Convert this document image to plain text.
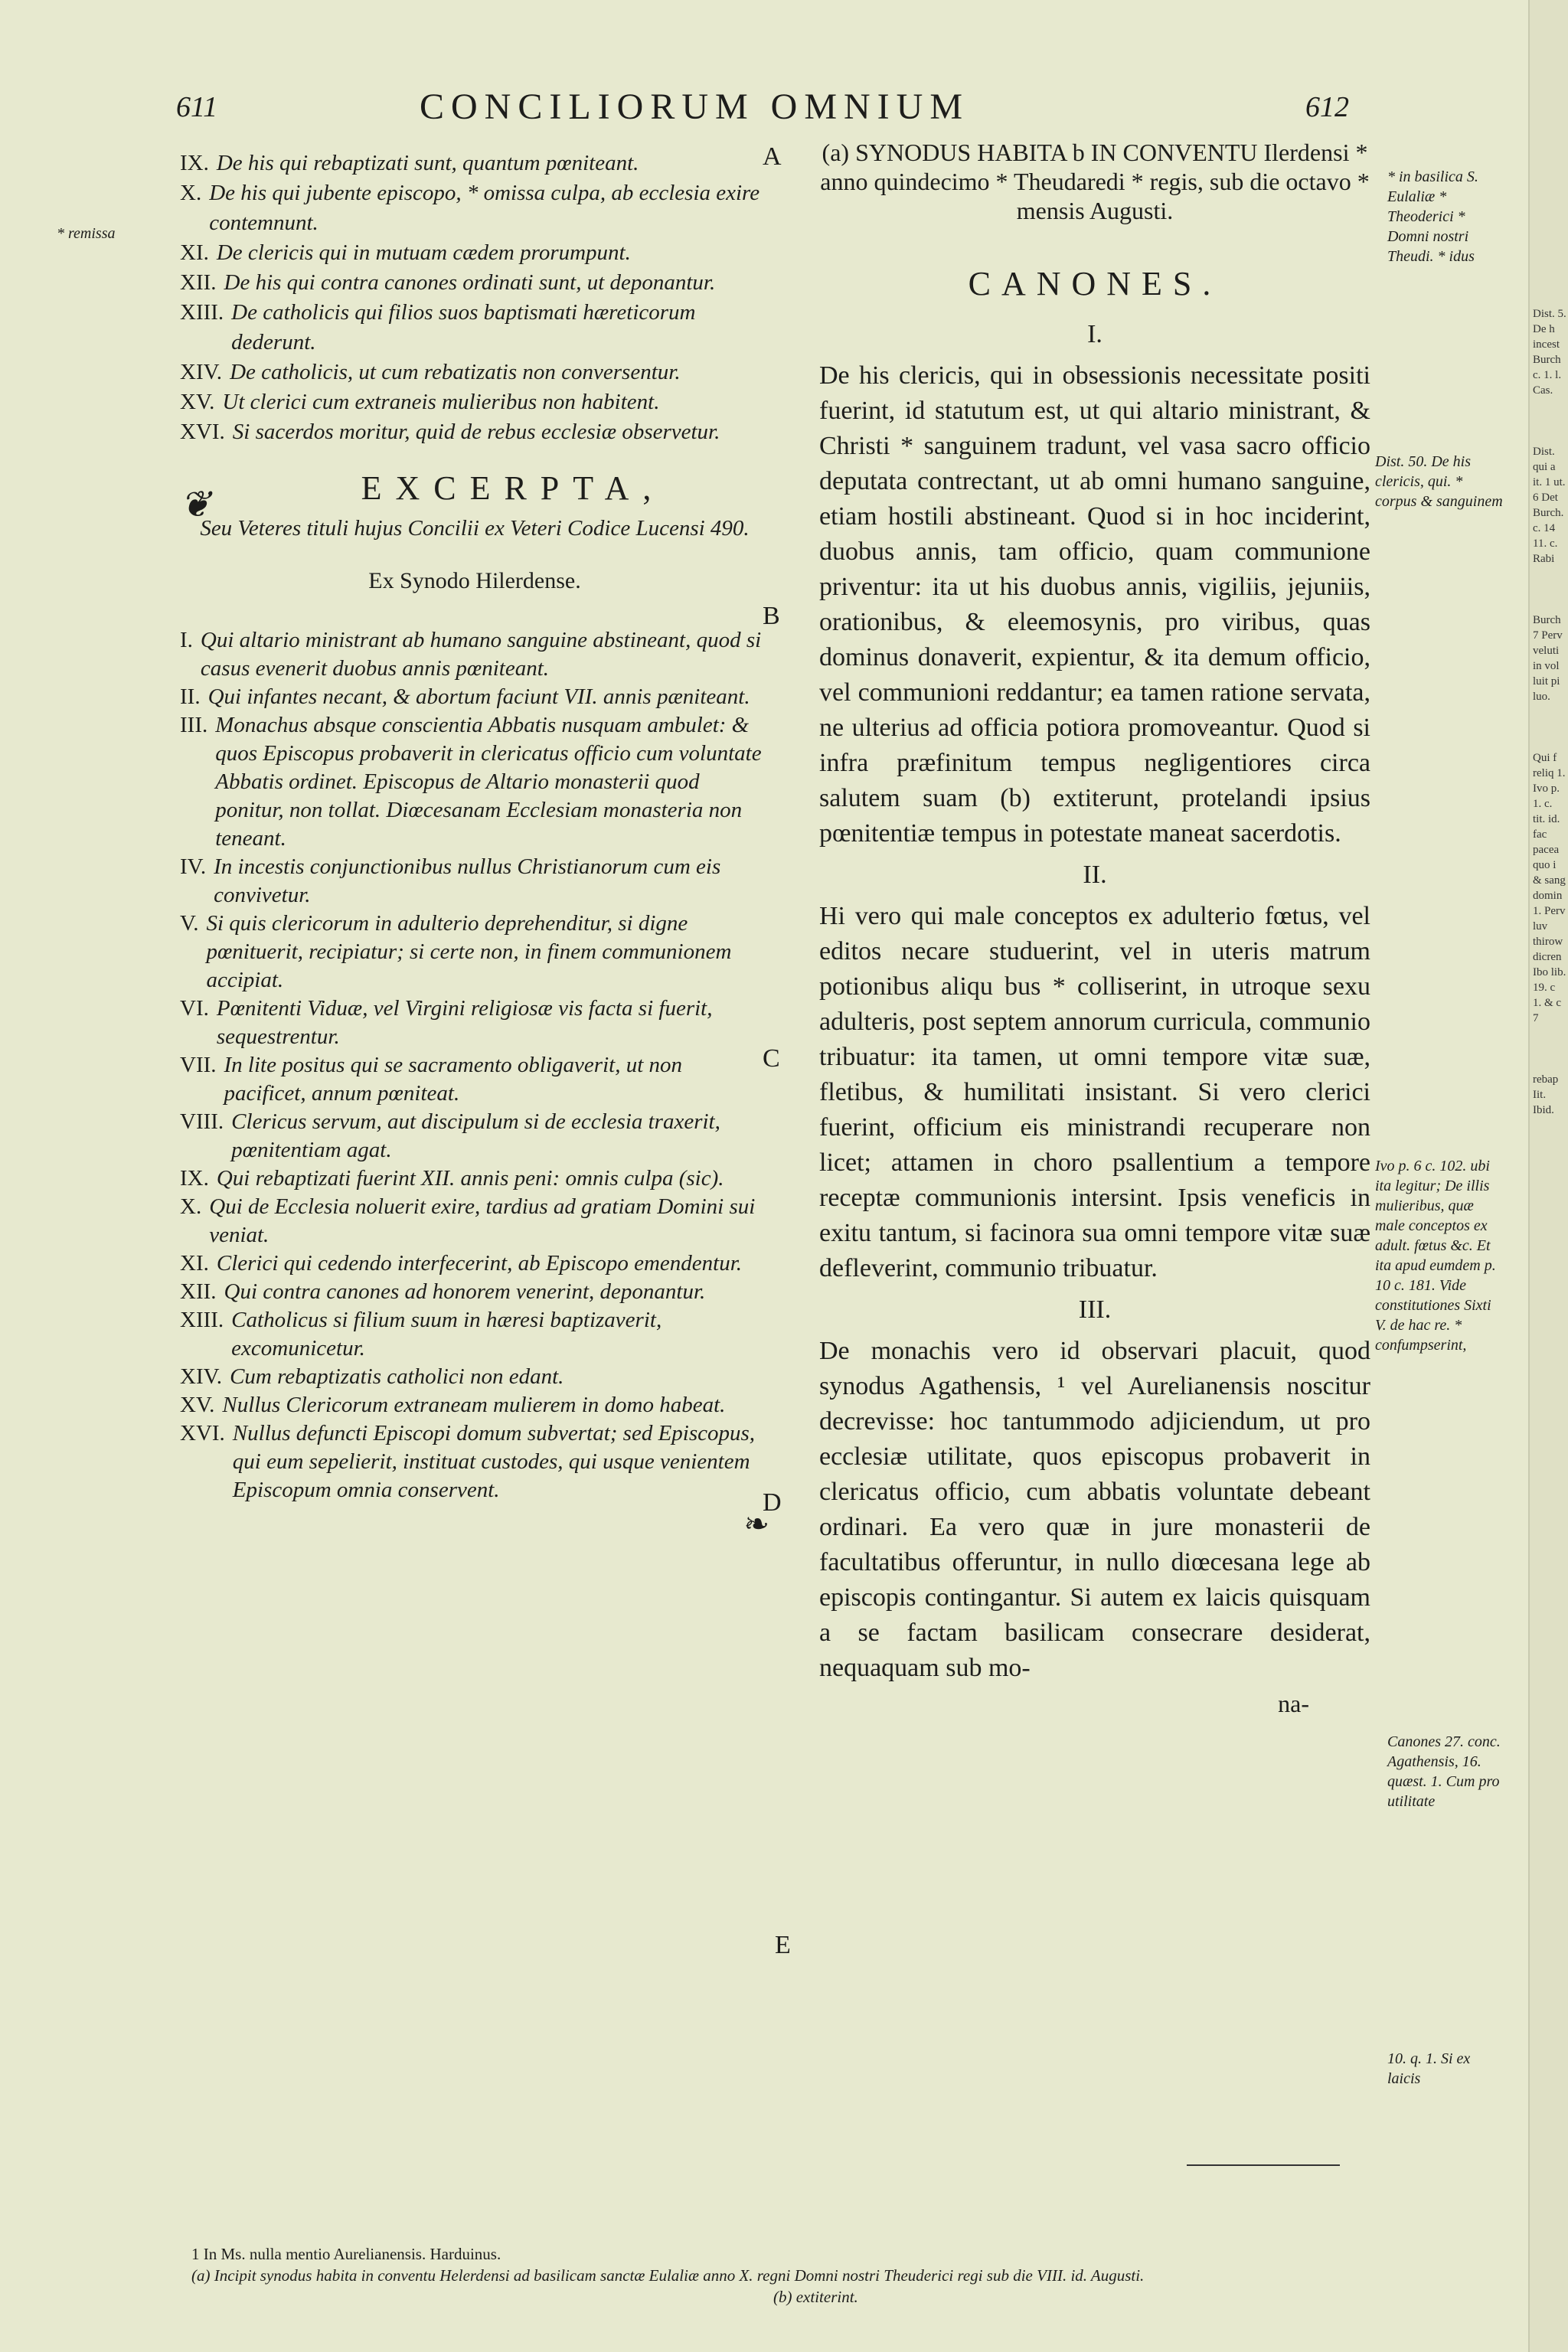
611	CONCILIORUM OMNIUM	612
* remissa
A
B
C
D
E
IX. De his qui rebaptizati sunt, quantum pœniteant.
X. De his qui jubente episcopo, * omissa culpa, ab ecclesia exire contemnunt.
XI. De clericis qui in mutuam cædem prorumpunt.
XII. De his qui contra canones ordinati sunt, ut deponantur.
XIII. De catholicis qui filios suos baptismati hæreticorum dederunt.
XIV. De catholicis, ut cum rebatizatis non conversentur.
XV. Ut clerici cum extraneis mulieribus non habitent.
XVI. Si sacerdos moritur, quid de rebus ecclesiæ observetur.
❦	EXCERPTA,
Seu Veteres tituli hujus Concilii ex Veteri Codice Lucensi 490.
Ex Synodo Hilerdense.
I. Qui altario ministrant ab humano sanguine abstineant, quod si casus evenerit duobus annis pœniteant.
II. Qui infantes necant, & abortum faciunt VII. annis pæniteant.
III. Monachus absque conscientia Abbatis nusquam ambulet: & quos Episcopus probaverit in clericatus officio cum voluntate Abbatis ordinet. Episcopus de Altario monasterii quod ponitur, non tollat. Diœcesanam Ecclesiam monasteria non teneant.
IV. In incestis conjunctionibus nullus Christianorum cum eis convivetur.
V. Si quis clericorum in adulterio deprehenditur, si digne pœnituerit, recipiatur; si certe non, in finem communionem accipiat.
VI. Pœnitenti Viduæ, vel Virgini religiosæ vis facta si fuerit, sequestrentur.
VII. In lite positus qui se sacramento obligaverit, ut non pacificet, annum pœniteat.
VIII. Clericus servum, aut discipulum si de ecclesia traxerit, pœnitentiam agat.
IX. Qui rebaptizati fuerint XII. annis peni: omnis culpa (sic).
X. Qui de Ecclesia noluerit exire, tardius ad gratiam Domini sui veniat.
XI. Clerici qui cedendo interfecerint, ab Episcopo emendentur.
XII. Qui contra canones ad honorem venerint, deponantur.
XIII. Catholicus si filium suum in hæresi baptizaverit, excomunicetur.
XIV. Cum rebaptizatis catholici non edant.
XV. Nullus Clericorum extraneam mulierem in domo habeat.
XVI. Nullus defuncti Episcopi domum subvertat; sed Episcopus, qui eum sepelierit, instituat custodes, qui usque venientem Episcopum omnia conservent.
❧
(a) SYNODUS HABITA b IN CONVENTU Ilerdensi * anno quindecimo * Theudaredi * regis, sub die octavo * mensis Augusti.
CANONES.
I.
De his clericis, qui in obsessionis necessitate positi fuerint, id statutum est, ut qui altario ministrant, & Christi * sanguinem tradunt, vel vasa sacro officio deputata contrectant, ut ab omni humano sanguine, etiam hostili abstineant. Quod si in hoc inciderint, duobus annis, tam officio, quam communione priventur: ita ut his duobus annis, vigiliis, jejuniis, orationibus, & eleemosynis, pro viribus, quas dominus donaverit, expientur, & ita demum officio, vel communioni reddantur; ea tamen ratione servata, ne ulterius ad officia potiora promoveantur. Quod si infra præfinitum tempus negligentiores circa salutem suam (b) extiterunt, protelandi ipsius pœnitentiæ tempus in potestate maneat sacerdotis.
II.
Hi vero qui male conceptos ex adulterio fœtus, vel editos necare studuerint, vel in uteris matrum potionibus aliqu bus * colliserint, in utroque sexu adulteris, post septem annorum curricula, communio tribuatur: ita tamen, ut omni tempore vitæ suæ, fletibus, & humilitati insistant. Si vero clerici fuerint, officium eis ministrandi recuperare non licet; attamen in choro psallentium a tempore receptæ communionis intersint. Ipsis veneficis in exitu tantum, si facinora sua omni tempore vitæ suæ defleverint, communio tribuatur.
III.
De monachis vero id observari placuit, quod synodus Agathensis, ¹ vel Aurelianensis noscitur decrevisse: hoc tantummodo adjiciendum, ut pro ecclesiæ utilitate, quos episcopus probaverit in clericatus officio, cum abbatis voluntate debeant ordinari. Ea vero quæ in jure monasterii de facultatibus offeruntur, in nullo diœcesana lege ab episcopis contingantur. Si autem ex laicis quisquam a se factam basilicam consecrare desiderat, nequaquam sub mo-
na-
* in basilica S. Eulaliæ * Theoderici * Domni nostri Theudi. * idus
Dist. 50. De his clericis, qui. * corpus & sanguinem
Ivo p. 6 c. 102. ubi ita legitur; De illis mulieribus, quæ male conceptos ex adult. fœtus &c. Et ita apud eumdem p. 10 c. 181. Vide constitutiones Sixti V. de hac re. * confumpserint,
Canones 27. conc. Agathensis, 16. quæst. 1. Cum pro utilitate
10. q. 1. Si ex laicis
Dist. 5. De h incest Burch c. 1. l. Cas.
Dist. qui a it. 1 ut. 6 Det Burch. c. 14 11. c. Rabi
Burch 7 Perv veluti in vol luit pi luo.
Qui f reliq 1. Ivo p. 1. c. tit. id. fac pacea quo i & sang domin 1. Perv luv thirow dicren Ibo lib. 19. c 1. & c 7
rebap Iit. Ibid.
1 In Ms. nulla mentio Aurelianensis. Harduinus.
(a) Incipit synodus habita in conventu Helerdensi ad basilicam sanctæ Eulaliæ anno X. regni Domni nostri Theuderici regi sub die VIII. id. Augusti.
(b) extiterint.
